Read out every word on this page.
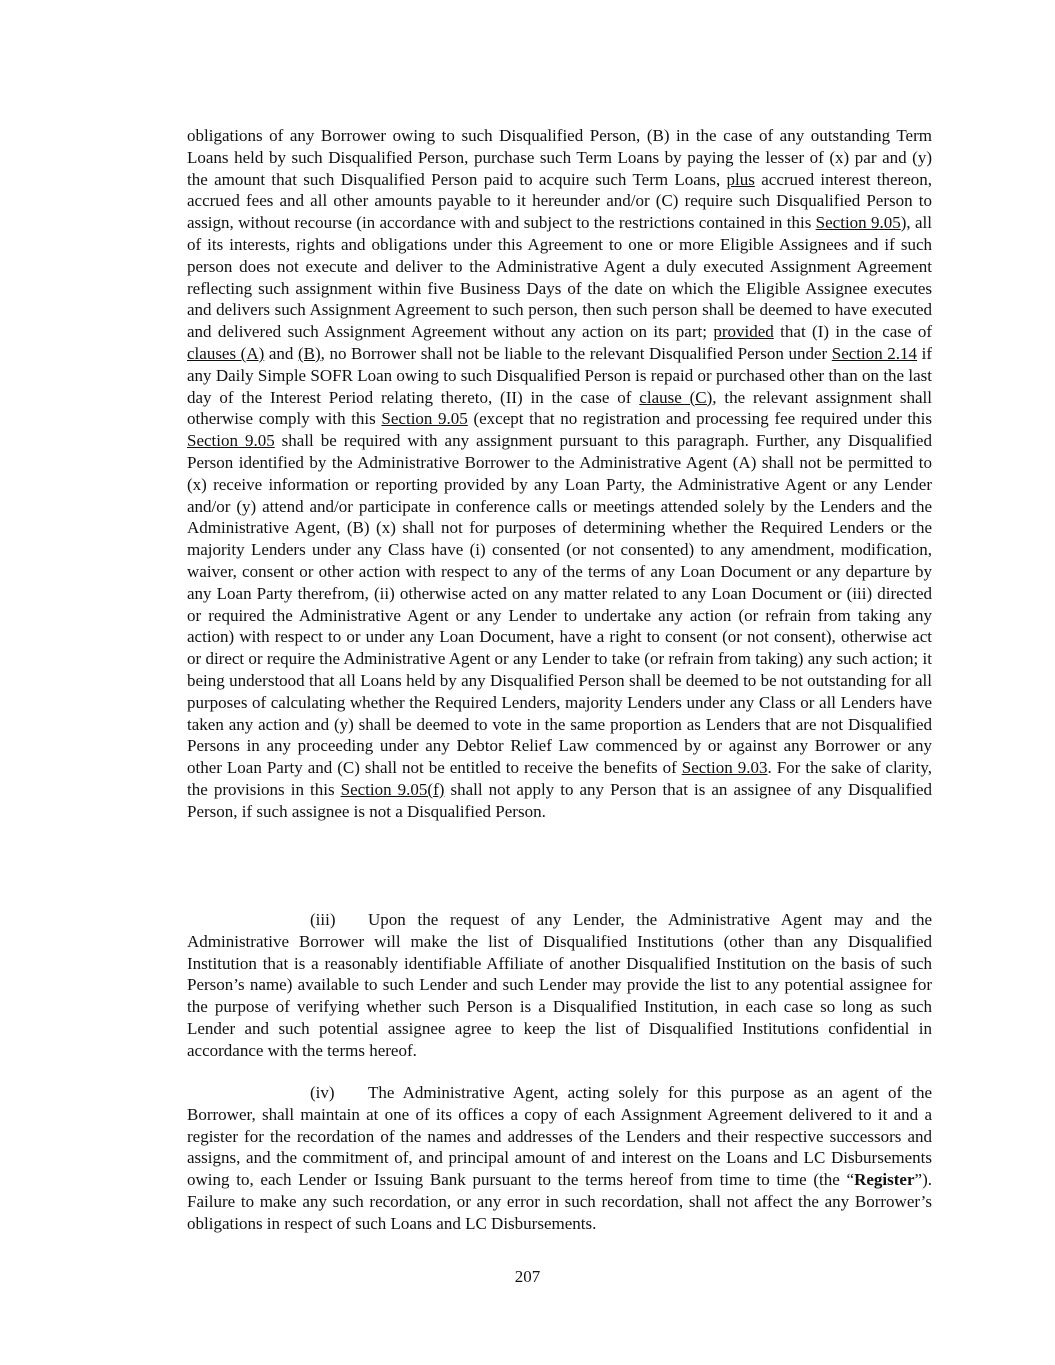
obligations of any Borrower owing to such Disqualified Person, (B) in the case of any outstanding Term Loans held by such Disqualified Person, purchase such Term Loans by paying the lesser of (x) par and (y) the amount that such Disqualified Person paid to acquire such Term Loans, plus accrued interest thereon, accrued fees and all other amounts payable to it hereunder and/or (C) require such Disqualified Person to assign, without recourse (in accordance with and subject to the restrictions contained in this Section 9.05), all of its interests, rights and obligations under this Agreement to one or more Eligible Assignees and if such person does not execute and deliver to the Administrative Agent a duly executed Assignment Agreement reflecting such assignment within five Business Days of the date on which the Eligible Assignee executes and delivers such Assignment Agreement to such person, then such person shall be deemed to have executed and delivered such Assignment Agreement without any action on its part; provided that (I) in the case of clauses (A) and (B), no Borrower shall not be liable to the relevant Disqualified Person under Section 2.14 if any Daily Simple SOFR Loan owing to such Disqualified Person is repaid or purchased other than on the last day of the Interest Period relating thereto, (II) in the case of clause (C), the relevant assignment shall otherwise comply with this Section 9.05 (except that no registration and processing fee required under this Section 9.05 shall be required with any assignment pursuant to this paragraph. Further, any Disqualified Person identified by the Administrative Borrower to the Administrative Agent (A) shall not be permitted to (x) receive information or reporting provided by any Loan Party, the Administrative Agent or any Lender and/or (y) attend and/or participate in conference calls or meetings attended solely by the Lenders and the Administrative Agent, (B) (x) shall not for purposes of determining whether the Required Lenders or the majority Lenders under any Class have (i) consented (or not consented) to any amendment, modification, waiver, consent or other action with respect to any of the terms of any Loan Document or any departure by any Loan Party therefrom, (ii) otherwise acted on any matter related to any Loan Document or (iii) directed or required the Administrative Agent or any Lender to undertake any action (or refrain from taking any action) with respect to or under any Loan Document, have a right to consent (or not consent), otherwise act or direct or require the Administrative Agent or any Lender to take (or refrain from taking) any such action; it being understood that all Loans held by any Disqualified Person shall be deemed to be not outstanding for all purposes of calculating whether the Required Lenders, majority Lenders under any Class or all Lenders have taken any action and (y) shall be deemed to vote in the same proportion as Lenders that are not Disqualified Persons in any proceeding under any Debtor Relief Law commenced by or against any Borrower or any other Loan Party and (C) shall not be entitled to receive the benefits of Section 9.03. For the sake of clarity, the provisions in this Section 9.05(f) shall not apply to any Person that is an assignee of any Disqualified Person, if such assignee is not a Disqualified Person.

(iii) Upon the request of any Lender, the Administrative Agent may and the Administrative Borrower will make the list of Disqualified Institutions (other than any Disqualified Institution that is a reasonably identifiable Affiliate of another Disqualified Institution on the basis of such Person’s name) available to such Lender and such Lender may provide the list to any potential assignee for the purpose of verifying whether such Person is a Disqualified Institution, in each case so long as such Lender and such potential assignee agree to keep the list of Disqualified Institutions confidential in accordance with the terms hereof.

(iv) The Administrative Agent, acting solely for this purpose as an agent of the Borrower, shall maintain at one of its offices a copy of each Assignment Agreement delivered to it and a register for the recordation of the names and addresses of the Lenders and their respective successors and assigns, and the commitment of, and principal amount of and interest on the Loans and LC Disbursements owing to, each Lender or Issuing Bank pursuant to the terms hereof from time to time (the “Register”). Failure to make any such recordation, or any error in such recordation, shall not affect the any Borrower’s obligations in respect of such Loans and LC Disbursements.

207
